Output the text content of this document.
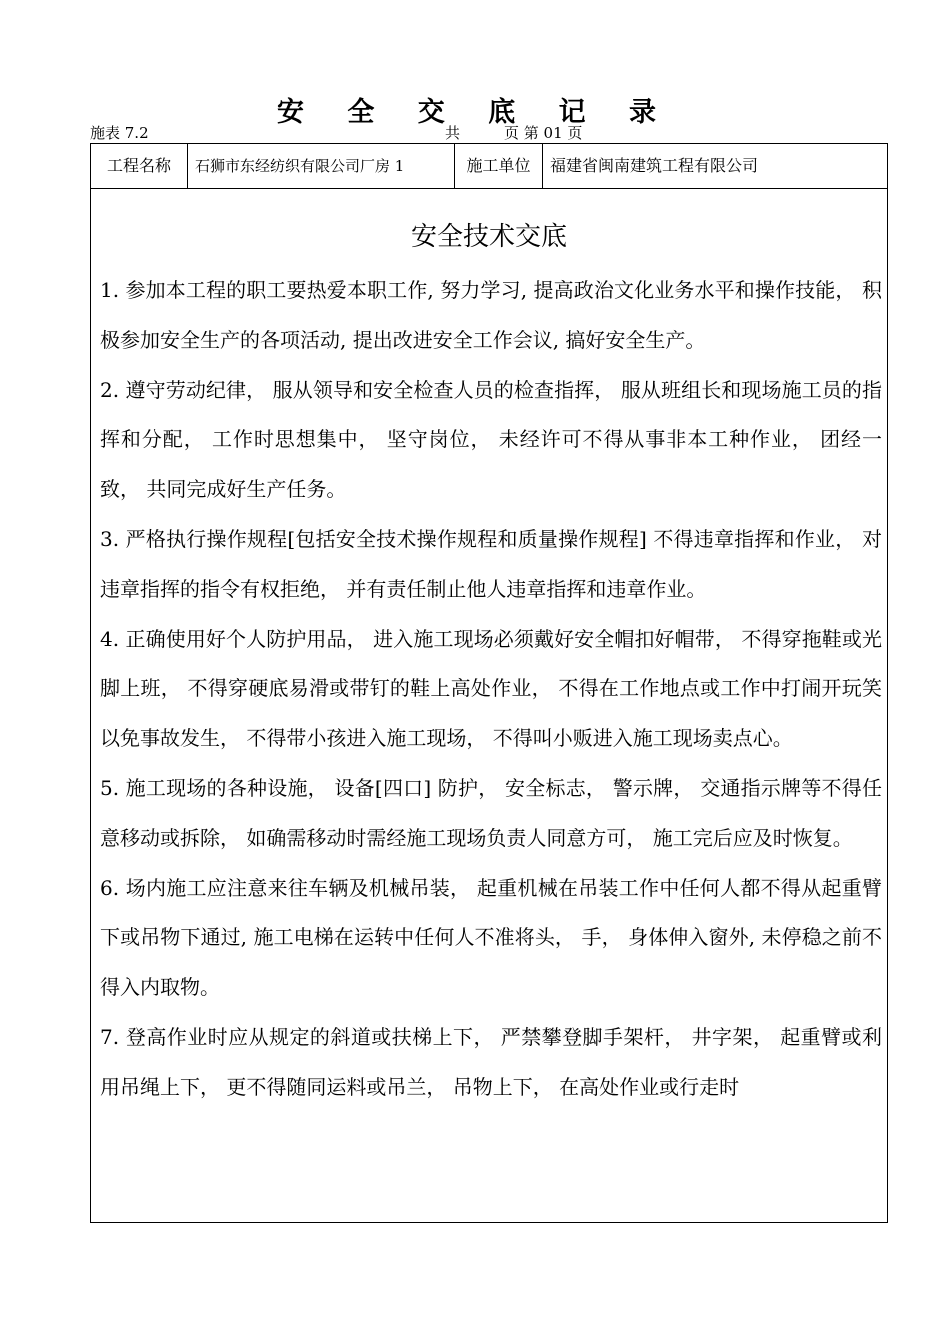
安 全 交 底 记 录
施表 7.2	共	页 第 01 页
工程名称	石狮市东经纺织有限公司厂房 1	施工单位	福建省闽南建筑工程有限公司
安全技术交底

1. 参加本工程的职工要热爱本职工作, 努力学习, 提高政治文化业务水平和操作技能， 积极参加安全生产的各项活动, 提出改进安全工作会议, 搞好安全生产。

2. 遵守劳动纪律， 服从领导和安全检查人员的检查指挥， 服从班组长和现场施工员的指挥和分配， 工作时思想集中， 坚守岗位， 未经许可不得从事非本工种作业， 团经一致， 共同完成好生产任务。

3. 严格执行操作规程[包括安全技术操作规程和质量操作规程] 不得违章指挥和作业， 对违章指挥的指令有权拒绝， 并有责任制止他人违章指挥和违章作业。

4. 正确使用好个人防护用品， 进入施工现场必须戴好安全帽扣好帽带， 不得穿拖鞋或光脚上班， 不得穿硬底易滑或带钉的鞋上高处作业， 不得在工作地点或工作中打闹开玩笑以免事故发生， 不得带小孩进入施工现场， 不得叫小贩进入施工现场卖点心。

5. 施工现场的各种设施， 设备[四口] 防护， 安全标志， 警示牌， 交通指示牌等不得任意移动或拆除， 如确需移动时需经施工现场负责人同意方可， 施工完后应及时恢复。

6. 场内施工应注意来往车辆及机械吊装， 起重机械在吊装工作中任何人都不得从起重臂下或吊物下通过, 施工电梯在运转中任何人不准将头， 手， 身体伸入窗外, 未停稳之前不得入内取物。

7. 登高作业时应从规定的斜道或扶梯上下， 严禁攀登脚手架杆， 井字架， 起重臂或利用吊绳上下， 更不得随同运料或吊兰， 吊物上下， 在高处作业或行走时
